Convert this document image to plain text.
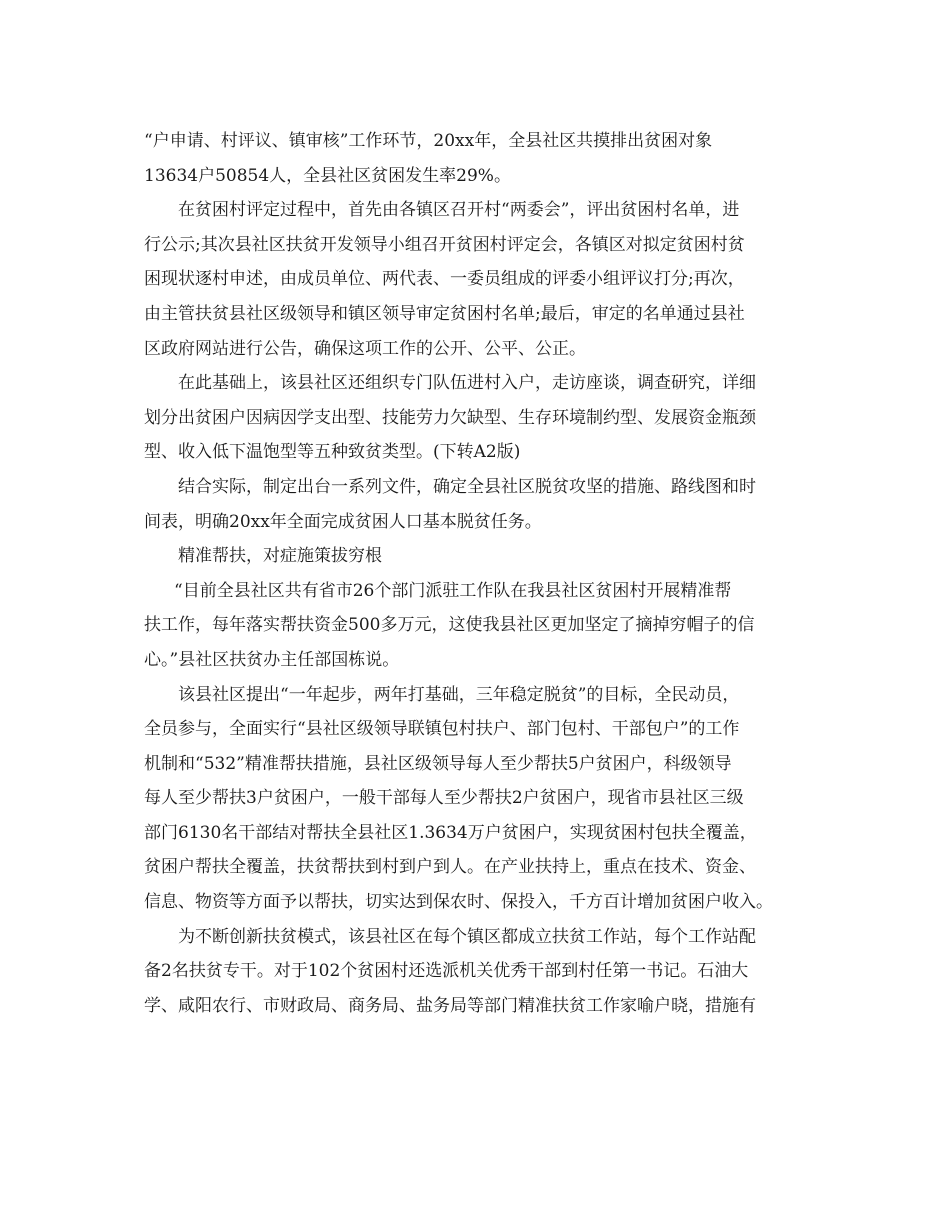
“户申请、村评议、镇审核”工作环节，20xx年，全县社区共摸排出贫困对象
13634户50854人，全县社区贫困发生率29%。
在贫困村评定过程中，首先由各镇区召开村“两委会”，评出贫困村名单，进
行公示;其次县社区扶贫开发领导小组召开贫困村评定会，各镇区对拟定贫困村贫
困现状逐村申述，由成员单位、两代表、一委员组成的评委小组评议打分;再次，
由主管扶贫县社区级领导和镇区领导审定贫困村名单;最后，审定的名单通过县社
区政府网站进行公告，确保这项工作的公开、公平、公正。
在此基础上，该县社区还组织专门队伍进村入户，走访座谈，调查研究，详细
划分出贫困户因病因学支出型、技能劳力欠缺型、生存环境制约型、发展资金瓶颈
型、收入低下温饱型等五种致贫类型。(下转A2版)
结合实际，制定出台一系列文件，确定全县社区脱贫攻坚的措施、路线图和时
间表，明确20xx年全面完成贫困人口基本脱贫任务。
精准帮扶，对症施策拔穷根
“目前全县社区共有省市26个部门派驻工作队在我县社区贫困村开展精准帮
扶工作，每年落实帮扶资金500多万元，这使我县社区更加坚定了摘掉穷帽子的信
心。”县社区扶贫办主任部国栋说。
该县社区提出“一年起步，两年打基础，三年稳定脱贫”的目标，全民动员，
全员参与，全面实行“县社区级领导联镇包村扶户、部门包村、干部包户”的工作
机制和“532”精准帮扶措施，县社区级领导每人至少帮扶5户贫困户，科级领导
每人至少帮扶3户贫困户，一般干部每人至少帮扶2户贫困户，现省市县社区三级
部门6130名干部结对帮扶全县社区1.3634万户贫困户，实现贫困村包扶全覆盖，
贫困户帮扶全覆盖，扶贫帮扶到村到户到人。在产业扶持上，重点在技术、资金、
信息、物资等方面予以帮扶，切实达到保农时、保投入，千方百计增加贫困户收入。
为不断创新扶贫模式，该县社区在每个镇区都成立扶贫工作站，每个工作站配
备2名扶贫专干。对于102个贫困村还选派机关优秀干部到村任第一书记。石油大
学、咸阳农行、市财政局、商务局、盐务局等部门精准扶贫工作家喻户晓，措施有
